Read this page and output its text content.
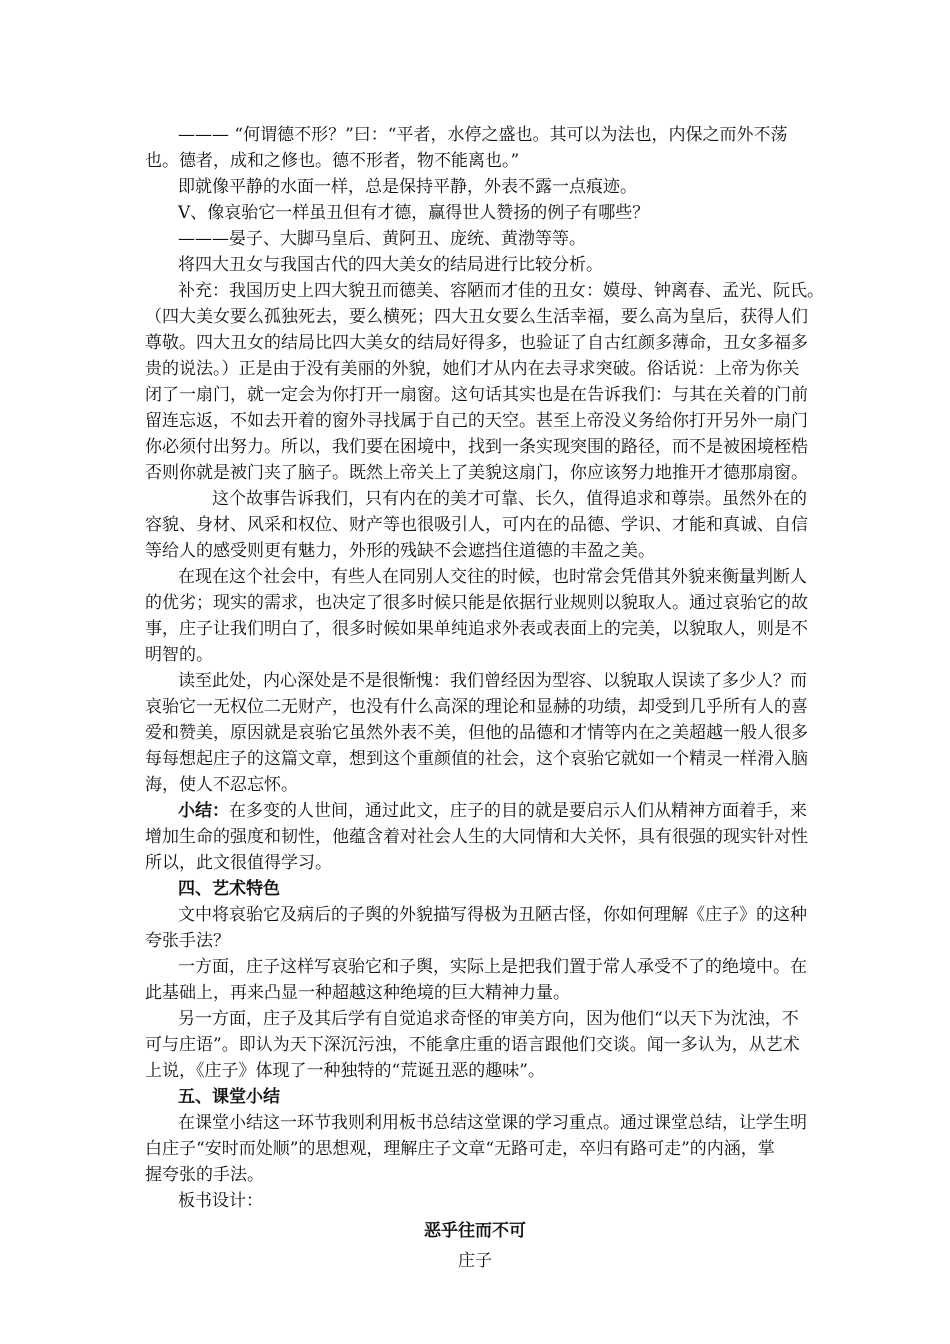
——— “何谓德不形？”曰：“平者，水停之盛也。其可以为法也，内保之而外不荡
也。德者，成和之修也。德不形者，物不能离也。”
即就像平静的水面一样，总是保持平静，外表不露一点痕迹。
Ⅴ、像哀骀它一样虽丑但有才德，赢得世人赞扬的例子有哪些？
———晏子、大脚马皇后、黄阿丑、庞统、黄渤等等。
将四大丑女与我国古代的四大美女的结局进行比较分析。
补充：我国历史上四大貌丑而德美、容陋而才佳的丑女：嫫母、钟离春、孟光、阮氏。
（四大美女要么孤独死去，要么横死；四大丑女要么生活幸福，要么高为皇后，获得人们
尊敬。四大丑女的结局比四大美女的结局好得多，也验证了自古红颜多薄命，丑女多福多
贵的说法。）正是由于没有美丽的外貌，她们才从内在去寻求突破。俗话说：上帝为你关
闭了一扇门，就一定会为你打开一扇窗。这句话其实也是在告诉我们：与其在关着的门前
留连忘返，不如去开着的窗外寻找属于自己的天空。甚至上帝没义务给你打开另外一扇门
你必须付出努力。所以，我们要在困境中，找到一条实现突围的路径，而不是被困境桎梏
否则你就是被门夹了脑子。既然上帝关上了美貌这扇门，你应该努力地推开才德那扇窗。
这个故事告诉我们，只有内在的美才可靠、长久，值得追求和尊崇。虽然外在的
容貌、身材、风采和权位、财产等也很吸引人，可内在的品德、学识、才能和真诚、自信
等给人的感受则更有魅力，外形的残缺不会遮挡住道德的丰盈之美。
在现在这个社会中，有些人在同别人交往的时候，也时常会凭借其外貌来衡量判断人
的优劣；现实的需求，也决定了很多时候只能是依据行业规则以貌取人。通过哀骀它的故
事，庄子让我们明白了，很多时候如果单纯追求外表或表面上的完美，以貌取人，则是不
明智的。
读至此处，内心深处是不是很惭愧：我们曾经因为型容、以貌取人误读了多少人？而
哀骀它一无权位二无财产，也没有什么高深的理论和显赫的功绩，却受到几乎所有人的喜
爱和赞美，原因就是哀骀它虽然外表不美，但他的品德和才情等内在之美超越一般人很多
每每想起庄子的这篇文章，想到这个重颜值的社会，这个哀骀它就如一个精灵一样滑入脑
海，使人不忍忘怀。
小结：在多变的人世间，通过此文，庄子的目的就是要启示人们从精神方面着手，来
增加生命的强度和韧性，他蕴含着对社会人生的大同情和大关怀，具有很强的现实针对性
所以，此文很值得学习。
四、艺术特色
文中将哀骀它及病后的子舆的外貌描写得极为丑陋古怪，你如何理解《庄子》的这种
夸张手法？
一方面，庄子这样写哀骀它和子舆，实际上是把我们置于常人承受不了的绝境中。在
此基础上，再来凸显一种超越这种绝境的巨大精神力量。
另一方面，庄子及其后学有自觉追求奇怪的审美方向，因为他们“以天下为沈浊，不
可与庄语”。即认为天下深沉污浊，不能拿庄重的语言跟他们交谈。闻一多认为，从艺术
上说，《庄子》体现了一种独特的“荒诞丑恶的趣味”。
五、课堂小结
在课堂小结这一环节我则利用板书总结这堂课的学习重点。通过课堂总结，让学生明
白庄子“安时而处顺”的思想观，理解庄子文章“无路可走，卒归有路可走”的内涵，掌
握夸张的手法。
板书设计：
恶乎往而不可
庄子
